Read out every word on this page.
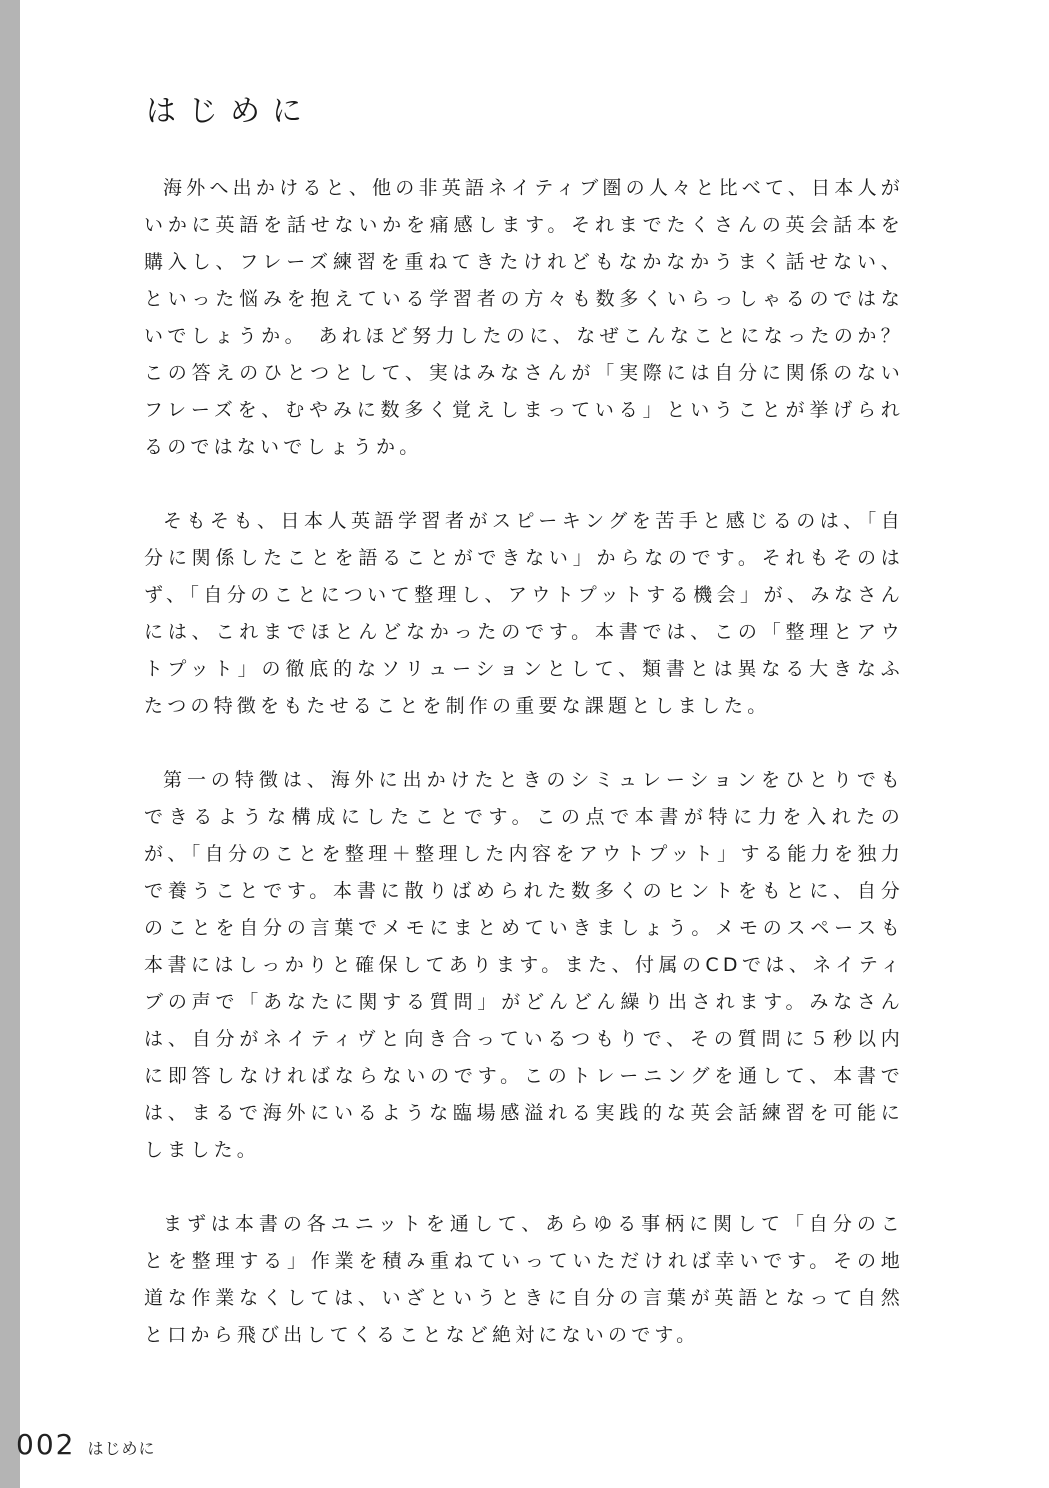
はじめに

海外へ出かけると、他の非英語ネイティブ圏の人々と比べて、日本人がいかに英語を話せないかを痛感します。それまでたくさんの英会話本を購入し、フレーズ練習を重ねてきたけれどもなかなかうまく話せない、といった悩みを抱えている学習者の方々も数多くいらっしゃるのではないでしょうか。 あれほど努力したのに、なぜこんなことになったのか？ この答えのひとつとして、実はみなさんが「実際には自分に関係のないフレーズを、むやみに数多く覚えしまっている」ということが挙げられるのではないでしょうか。

そもそも、日本人英語学習者がスピーキングを苦手と感じるのは、「自分に関係したことを語ることができない」からなのです。それもそのはず、「自分のことについて整理し、アウトプットする機会」が、みなさんには、これまでほとんどなかったのです。本書では、この「整理とアウトプット」の徹底的なソリューションとして、類書とは異なる大きなふたつの特徴をもたせることを制作の重要な課題としました。

第一の特徴は、海外に出かけたときのシミュレーションをひとりでもできるような構成にしたことです。この点で本書が特に力を入れたのが、「自分のことを整理＋整理した内容をアウトプット」する能力を独力で養うことです。本書に散りばめられた数多くのヒントをもとに、自分のことを自分の言葉でメモにまとめていきましょう。メモのスペースも本書にはしっかりと確保してあります。また、付属のCDでは、ネイティブの声で「あなたに関する質問」がどんどん繰り出されます。みなさんは、自分がネイティヴと向き合っているつもりで、その質問に５秒以内に即答しなければならないのです。このトレーニングを通して、本書では、まるで海外にいるような臨場感溢れる実践的な英会話練習を可能にしました。

まずは本書の各ユニットを通して、あらゆる事柄に関して「自分のことを整理する」作業を積み重ねていっていただければ幸いです。その地道な作業なくしては、いざというときに自分の言葉が英語となって自然と口から飛び出してくることなど絶対にないのです。

002 はじめに
